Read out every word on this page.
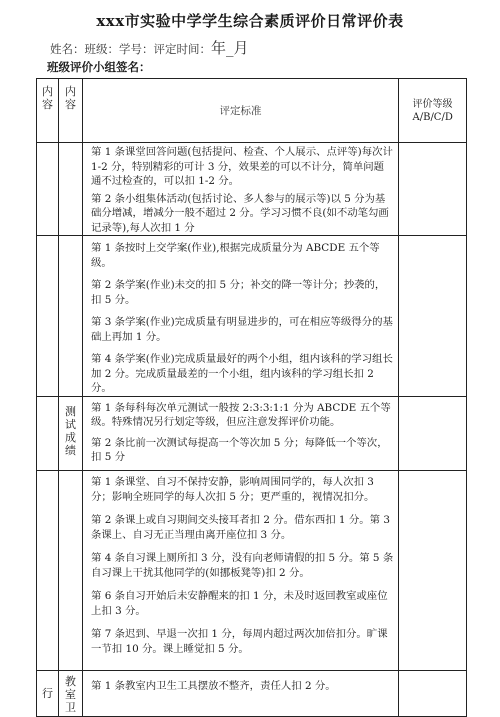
xxx市实验中学学生综合素质评价日常评价表
姓名：班级：学号：评定时间：年_月
班级评价小组签名：
内容	内容	评定标准	评价等级A/B/C/D

		第 1 条课堂回答问题(包括提问、检查、个人展示、点评等)每次计 1-2 分，特别精彩的可计 3 分，效果差的可以不计分，简单问题通不过检查的，可以扣 1-2 分。

第 2 条小组集体活动(包括讨论、多人参与的展示等)以 5 分为基础分增减，增减分一般不超过 2 分。学习习惯不良(如不动笔勾画记录等),每人次扣 1 分	

		第 1 条按时上交学案(作业),根据完成质量分为 ABCDE 五个等级。

第 2 条学案(作业)未交的扣 5 分；补交的降一等计分；抄袭的，扣 5 分。

第 3 条学案(作业)完成质量有明显进步的，可在相应等级得分的基础上再加 1 分。

第 4 条学案(作业)完成质量最好的两个小组，组内该科的学习组长加 2 分。完成质量最差的一个小组，组内该科的学习组长扣 2 分。	

	测试成绩	第 1 条每科每次单元测试一般按 2:3:3:1:1 分为 ABCDE 五个等级。特殊情况另行划定等级，但应注意发挥评价功能。

第 2 条比前一次测试每提高一个等次加 5 分；每降低一个等次，扣 5 分	

		第 1 条课堂、自习不保持安静，影响周围同学的，每人次扣 3 分；影响全班同学的每人次扣 5 分；更严重的，视情况扣分。

第 2 条课上或自习期间交头接耳者扣 2 分。借东西扣 1 分。第 3 条课上、自习无正当理由离开座位扣 3 分。

第 4 条自习课上厕所扣 3 分，没有向老师请假的扣 5 分。第 5 条自习课上干扰其他同学的(如挪板凳等)扣 2 分。

第 6 条自习开始后未安静醒来的扣 1 分，未及时返回教室或座位上扣 3 分。

第 7 条迟到、早退一次扣 1 分，每周内超过两次加倍扣分。旷课一节扣 10 分。课上睡觉扣 5 分。	

行	教室卫	第 1 条教室内卫生工具摆放不整齐，责任人扣 2 分。	
